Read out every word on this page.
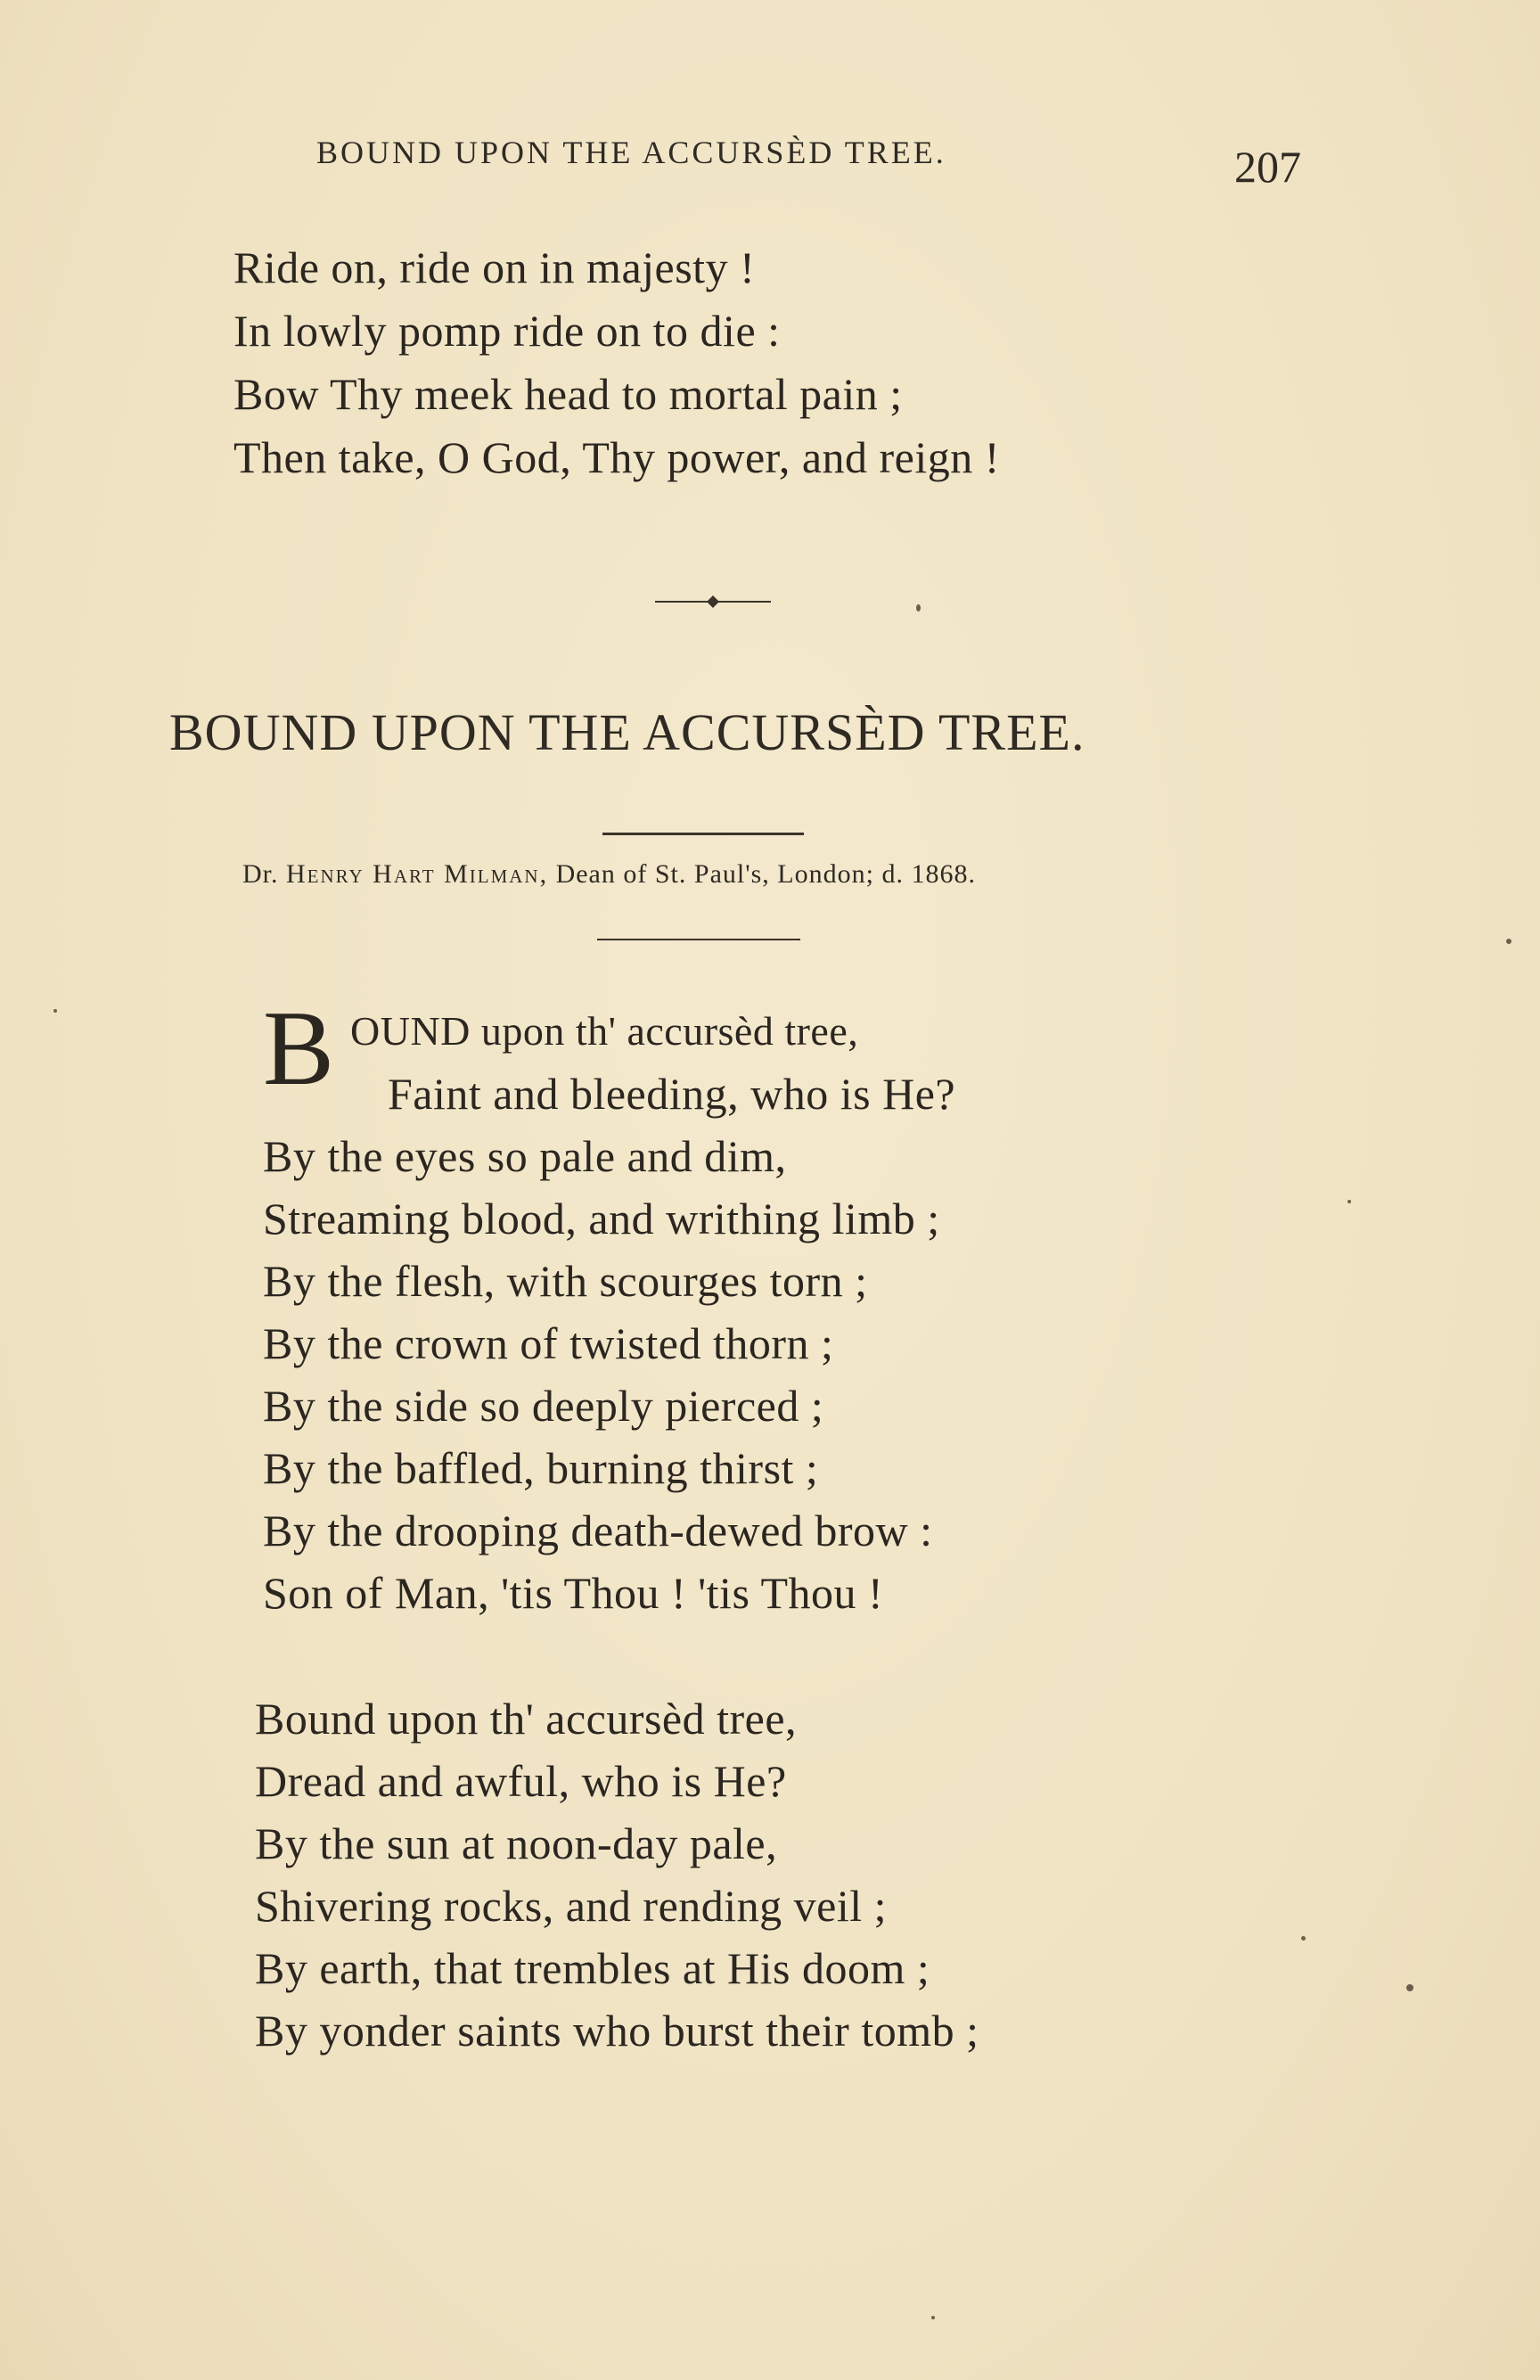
BOUND UPON THE ACCURSÈD TREE.	207
Ride on, ride on in majesty !
In lowly pomp ride on to die :
Bow Thy meek head to mortal pain ;
Then take, O God, Thy power, and reign !
BOUND UPON THE ACCURSÈD TREE.
Dr. Henry Hart Milman, Dean of St. Paul's, London; d. 1868.
B OUND upon th' accursèd tree,
Faint and bleeding, who is He?
By the eyes so pale and dim,
Streaming blood, and writhing limb ;
By the flesh, with scourges torn ;
By the crown of twisted thorn ;
By the side so deeply pierced ;
By the baffled, burning thirst ;
By the drooping death-dewed brow :
Son of Man, 'tis Thou ! 'tis Thou !
Bound upon th' accursèd tree,
Dread and awful, who is He?
By the sun at noon-day pale,
Shivering rocks, and rending veil ;
By earth, that trembles at His doom ;
By yonder saints who burst their tomb ;
